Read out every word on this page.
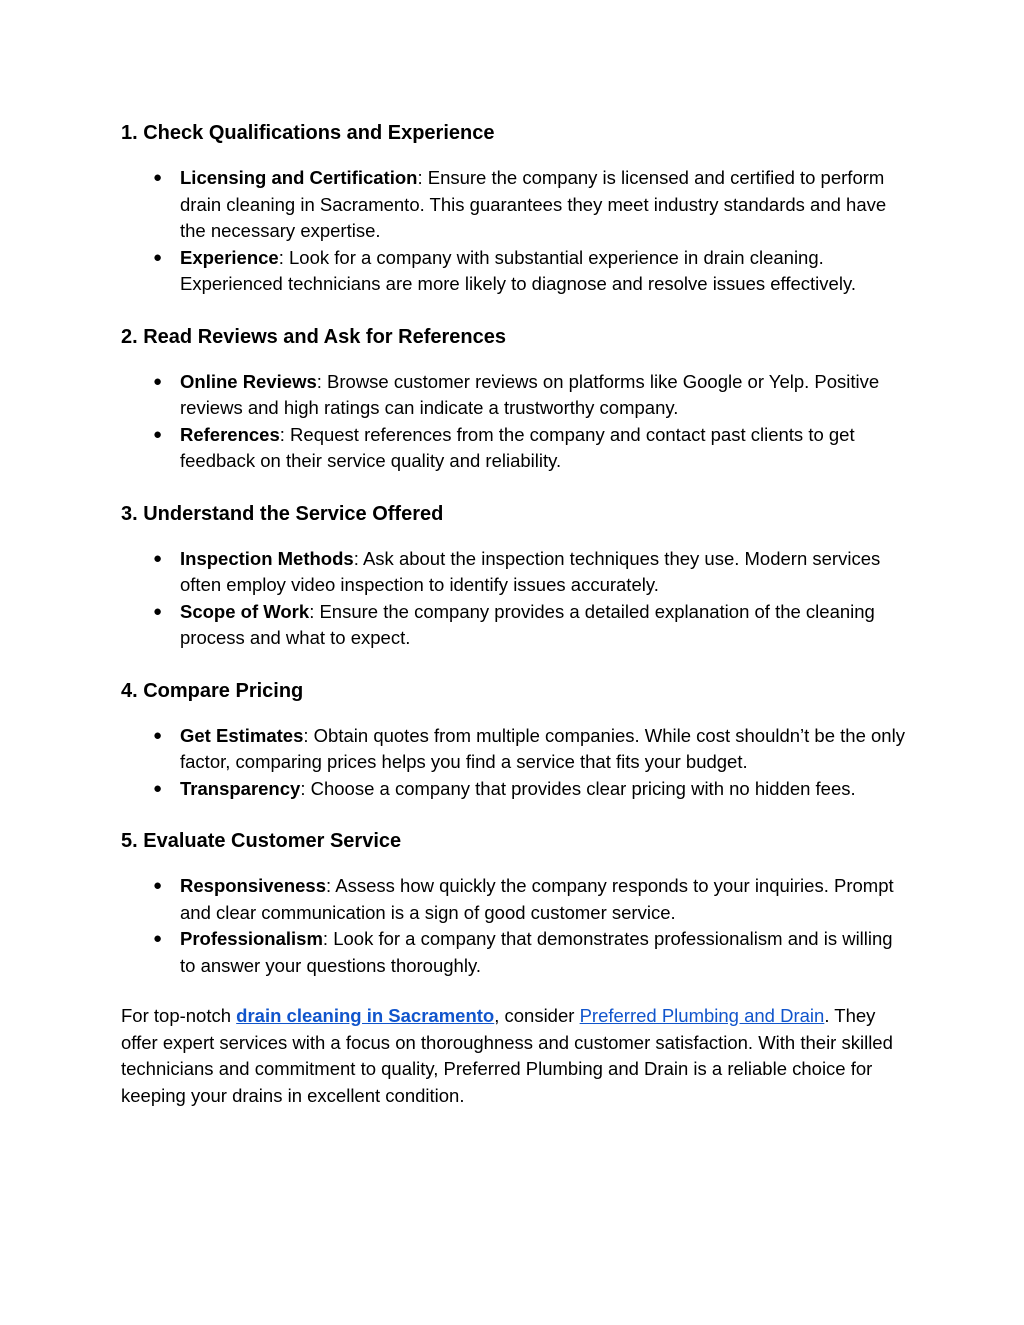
1. Check Qualifications and Experience
● Licensing and Certification: Ensure the company is licensed and certified to perform drain cleaning in Sacramento. This guarantees they meet industry standards and have the necessary expertise.
● Experience: Look for a company with substantial experience in drain cleaning. Experienced technicians are more likely to diagnose and resolve issues effectively.
2. Read Reviews and Ask for References
● Online Reviews: Browse customer reviews on platforms like Google or Yelp. Positive reviews and high ratings can indicate a trustworthy company.
● References: Request references from the company and contact past clients to get feedback on their service quality and reliability.
3. Understand the Service Offered
● Inspection Methods: Ask about the inspection techniques they use. Modern services often employ video inspection to identify issues accurately.
● Scope of Work: Ensure the company provides a detailed explanation of the cleaning process and what to expect.
4. Compare Pricing
● Get Estimates: Obtain quotes from multiple companies. While cost shouldn’t be the only factor, comparing prices helps you find a service that fits your budget.
● Transparency: Choose a company that provides clear pricing with no hidden fees.
5. Evaluate Customer Service
● Responsiveness: Assess how quickly the company responds to your inquiries. Prompt and clear communication is a sign of good customer service.
● Professionalism: Look for a company that demonstrates professionalism and is willing to answer your questions thoroughly.

For top-notch drain cleaning in Sacramento, consider Preferred Plumbing and Drain. They offer expert services with a focus on thoroughness and customer satisfaction. With their skilled technicians and commitment to quality, Preferred Plumbing and Drain is a reliable choice for keeping your drains in excellent condition.
